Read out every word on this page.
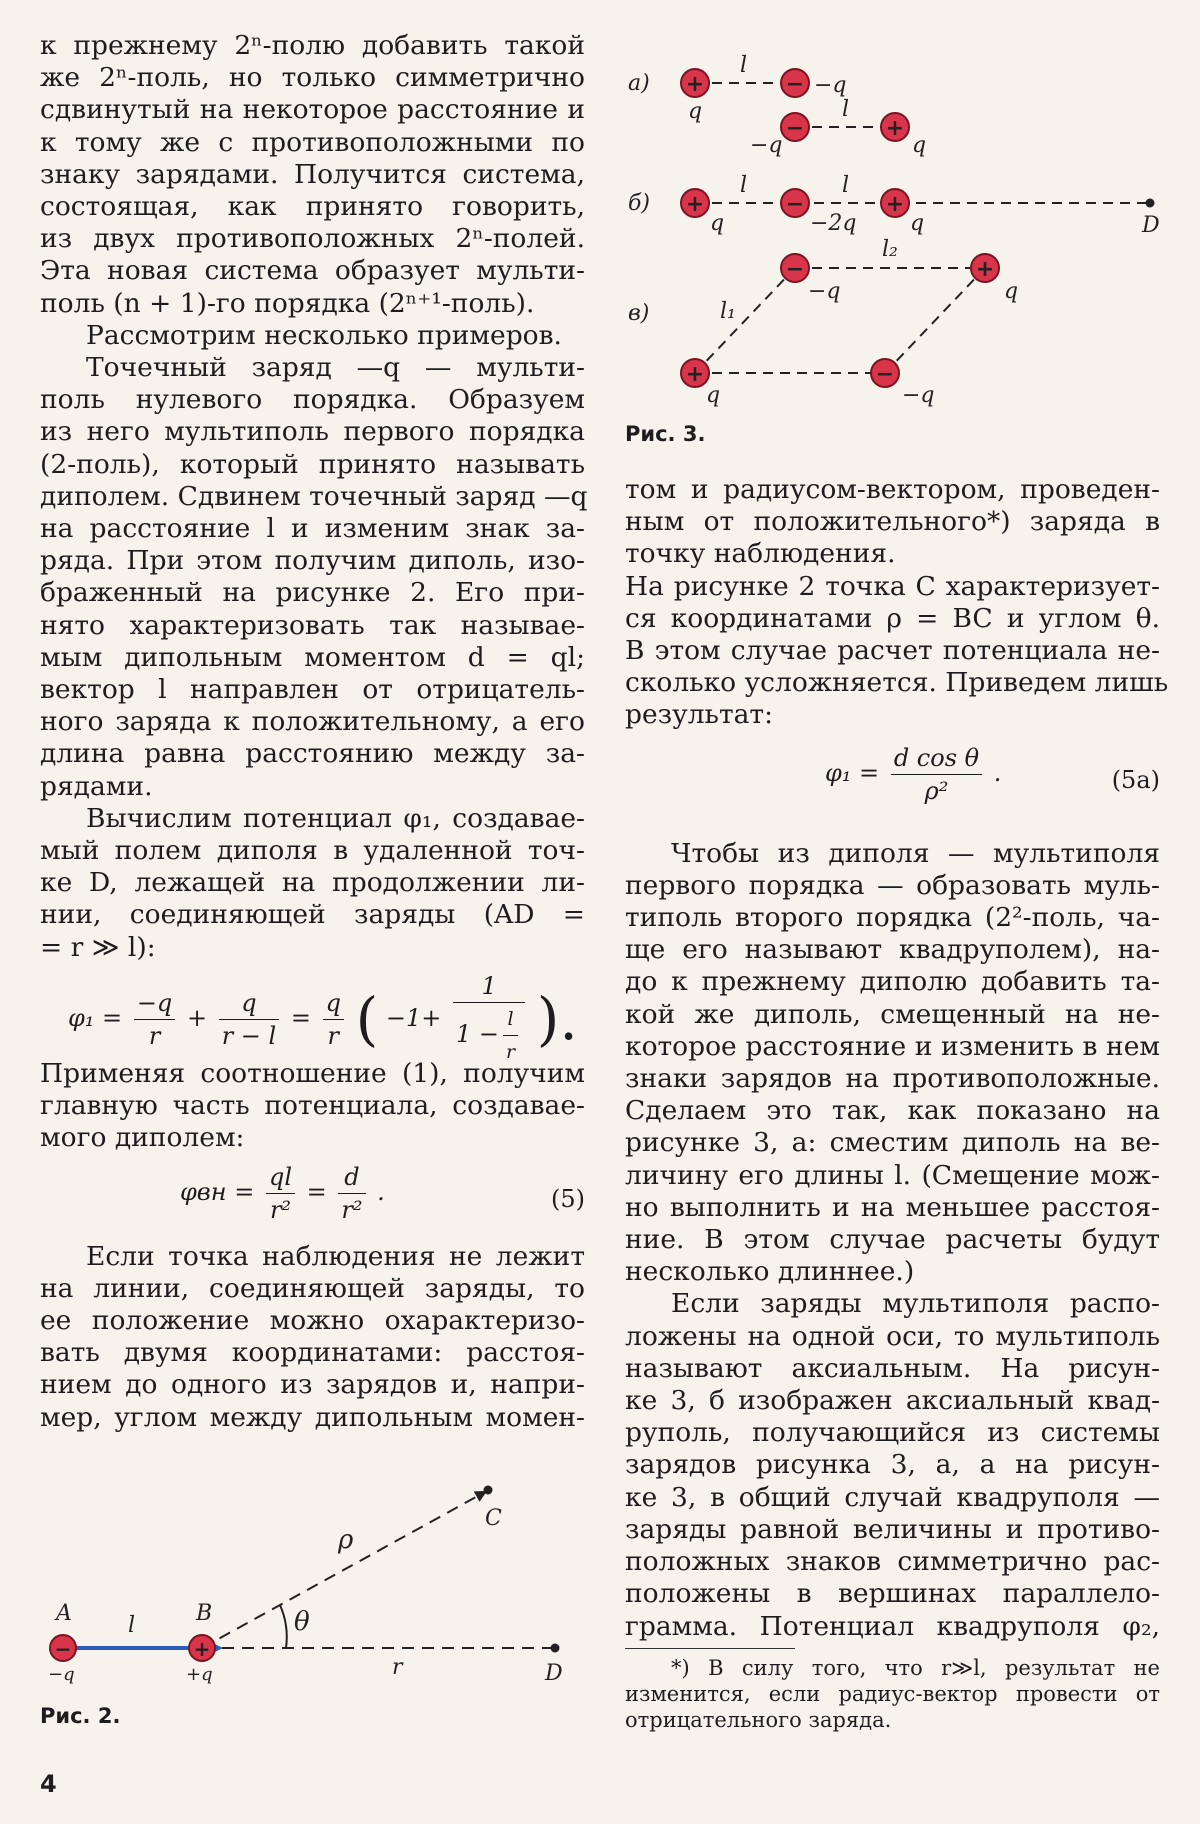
к прежнему 2ⁿ-полю добавить такой
же 2ⁿ-поль, но только симметрично
сдвинутый на некоторое расстояние и
к тому же с противоположными по
знаку зарядами. Получится система,
состоящая, как принято говорить,
из двух противоположных 2ⁿ-полей.
Эта новая система образует мульти-
поль (n + 1)-го порядка (2ⁿ⁺¹-поль).
Рассмотрим несколько примеров.
Точечный заряд —q — мульти-
поль нулевого порядка. Образуем
из него мультиполь первого порядка
(2-поль), который принято называть
диполем. Сдвинем точечный заряд —q
на расстояние l и изменим знак за-
ряда. При этом получим диполь, изо-
браженный на рисунке 2. Его при-
нято характеризовать так называе-
мым дипольным моментом d = ql;
вектор l направлен от отрицатель-
ного заряда к положительному, а его
длина равна расстоянию между за-
рядами.
Вычислим потенциал φ₁, создавае-
мый полем диполя в удаленной точ-
ке D, лежащей на продолжении ли-
нии, соединяющей заряды (AD =
= r ≫ l):
$\varphi_1 = \frac{-q}{r} + \frac{q}{r - l} = \frac{q}{r}$ ( $-1+ \frac{1}{1 - \frac{l}{r}}$ ).
Применяя соотношение (1), получим
главную часть потенциала, создавае-
мого диполем:
$\varphi вн = \frac{ql}{\text{r²}} = \frac{d}{\text{r²}}$ .	(5)
Если точка наблюдения не лежит
на линии, соединяющей заряды, то
ее положение можно охарактеризо-
вать двумя координатами: расстоя-
нием до одного из зарядов и, напри-
мер, углом между дипольным момен-
том и радиусом-вектором, проведен-
ным от положительного*) заряда в
точку наблюдения.
На рисунке 2 точка C характеризует-
ся координатами ρ = BC и углом θ.
В этом случае расчет потенциала не-
сколько усложняется. Приведем лишь
результат:
$\varphi_1 = \frac{\text{d cos θ}}{\text{ρ²}}$ .	(5а)
Чтобы из диполя — мультиполя
первого порядка — образовать муль-
типоль второго порядка (2²-поль, ча-
ще его называют квадруполем), на-
до к прежнему диполю добавить та-
кой же диполь, смещенный на не-
которое расстояние и изменить в нем
знаки зарядов на противоположные.
Сделаем это так, как показано на
рисунке 3, а: сместим диполь на ве-
личину его длины l. (Смещение мож-
но выполнить и на меньшее расстоя-
ние. В этом случае расчеты будут
несколько длиннее.)
Если заряды мультиполя распо-
ложены на одной оси, то мультиполь
называют аксиальным. На рисун-
ке 3, б изображен аксиальный квад-
руполь, получающийся из системы
зарядов рисунка 3, а, а на рисун-
ке 3, в общий случай квадруполя —
заряды равной величины и противо-
положных знаков симметрично рас-
положены в вершинах параллело-
грамма. Потенциал квадруполя φ₂,
+	−
−	+
+	−	+
−	+
+	−
а)
l
−q
q	l
−q	q
б)
l	l
q	−2q q	D
в)	l₁
l₂
−q	q
q	−q
Рис. 3.
−	+
A	B
C
D
l
ρ
θ
r
−q	+q
Рис. 2.
*) В силу того, что r≫l, результат не
изменится, если радиус-вектор провести от
отрицательного заряда.
4
